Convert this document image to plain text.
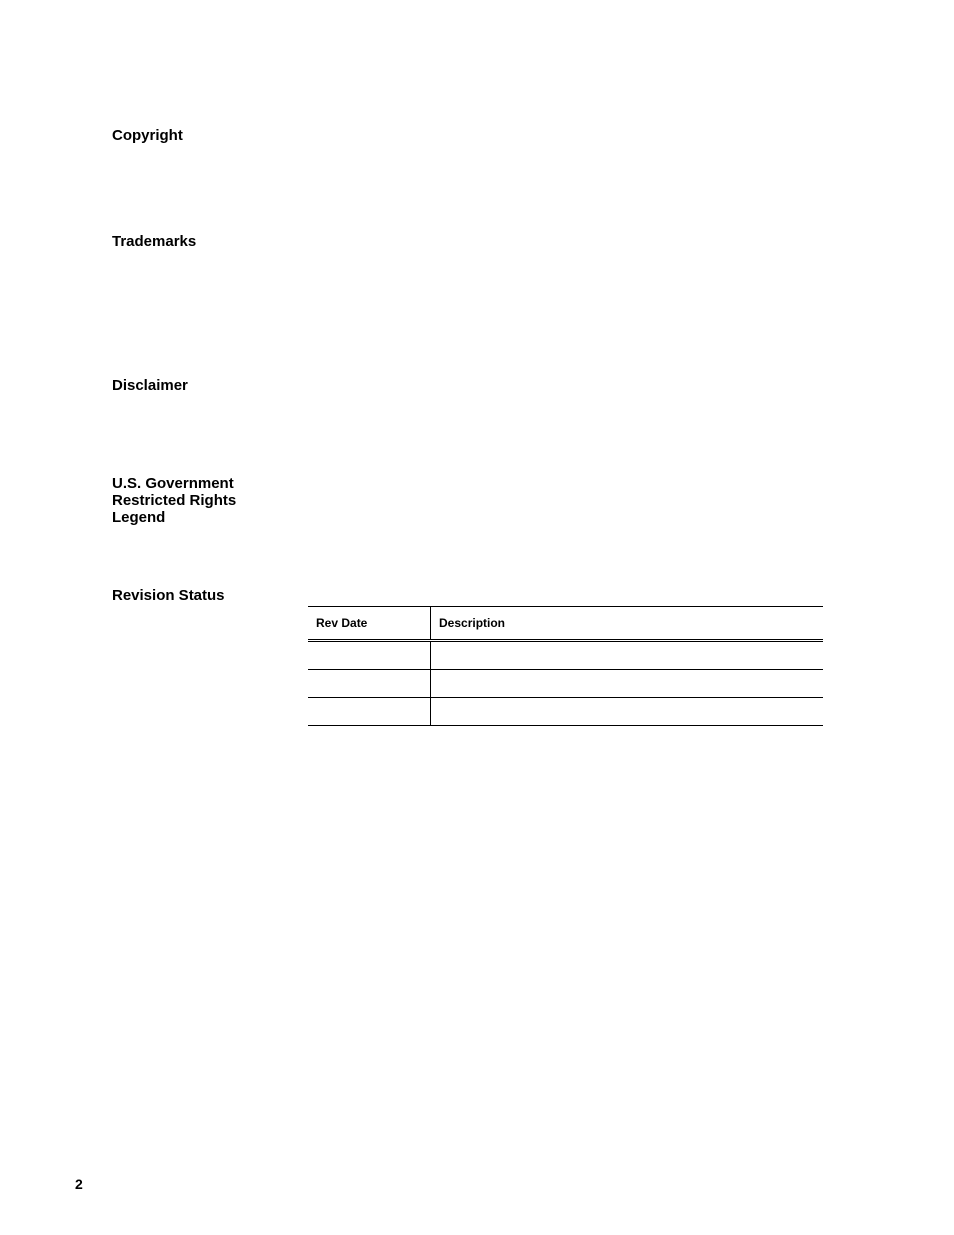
Copyright
Trademarks
Disclaimer
U.S. Government
Restricted Rights
Legend
Revision Status
Rev Date	Description

2
